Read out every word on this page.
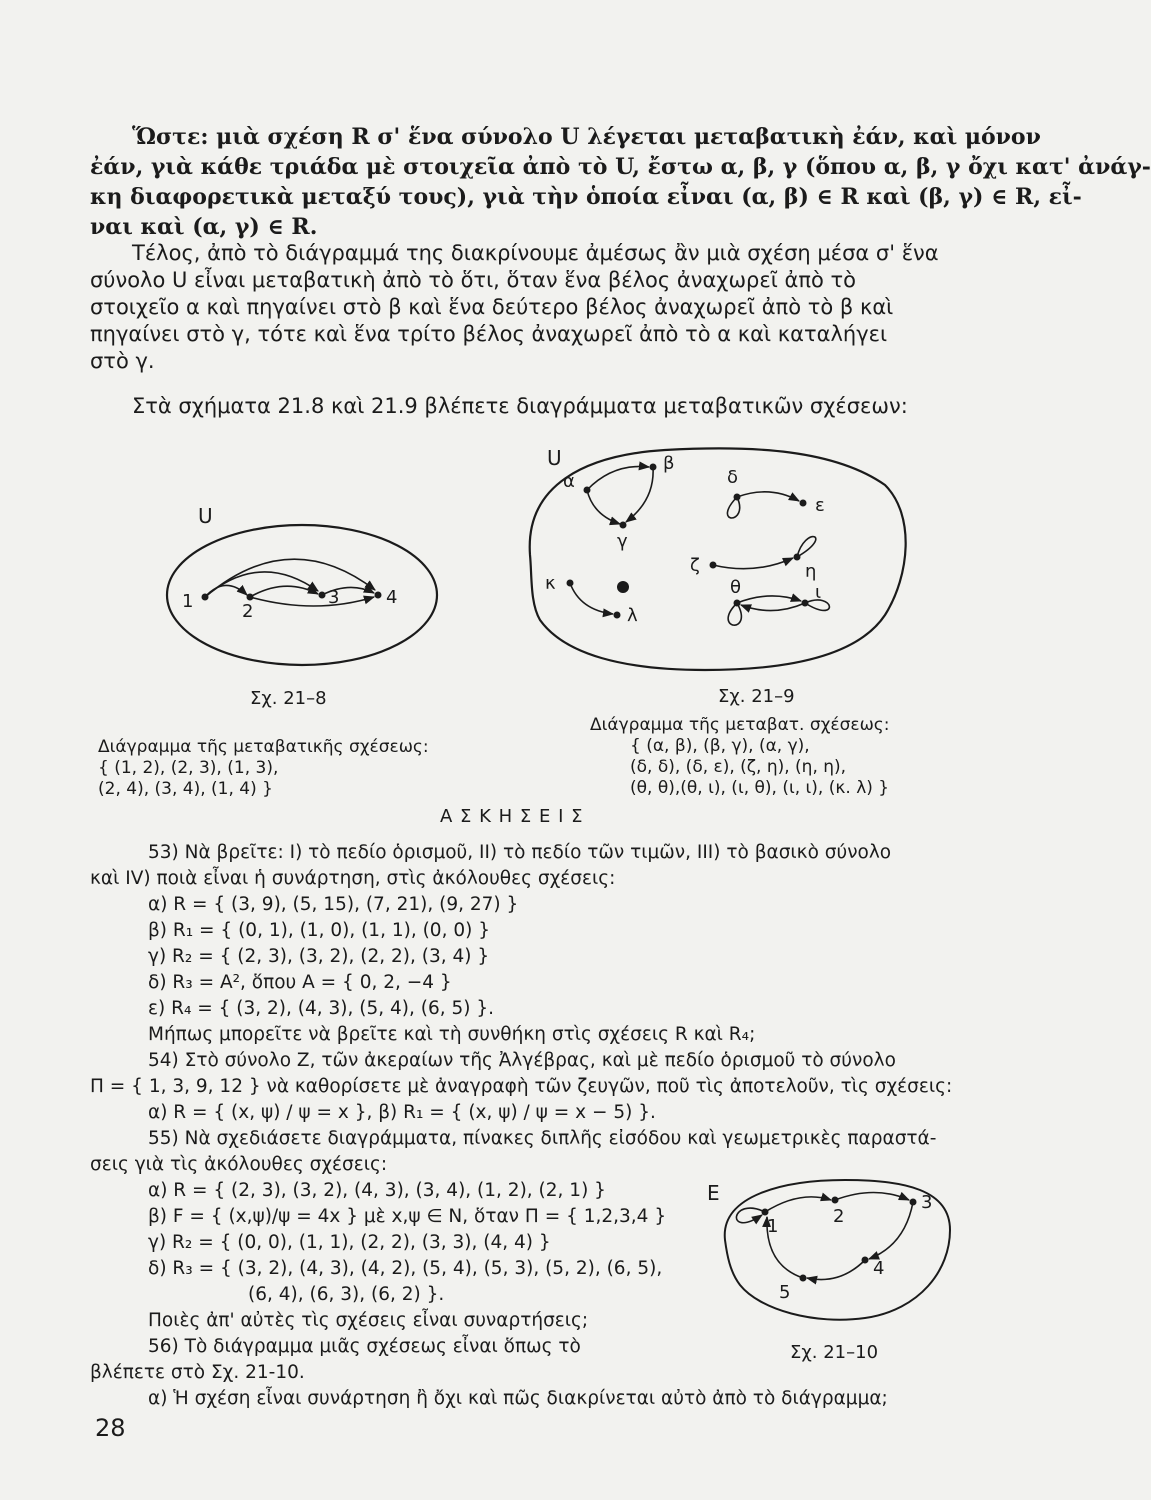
Ὥστε: μιὰ σχέση R σ' ἕνα σύνολο U λέγεται μεταβατικὴ ἐάν, καὶ μόνον
ἐάν, γιὰ κάθε τριάδα μὲ στοιχεῖα ἀπὸ τὸ U, ἔστω α, β, γ (ὅπου α, β, γ ὄχι κατ' ἀνάγ-
κη διαφορετικὰ μεταξύ τους), γιὰ τὴν ὁποία εἶναι (α, β) ∈ R καὶ (β, γ) ∈ R, εἶ-
ναι καὶ (α, γ) ∈ R.
Τέλος, ἀπὸ τὸ διάγραμμά της διακρίνουμε ἀμέσως ἂν μιὰ σχέση μέσα σ' ἕνα
σύνολο U εἶναι μεταβατικὴ ἀπὸ τὸ ὅτι, ὅταν ἕνα βέλος ἀναχωρεῖ ἀπὸ τὸ
στοιχεῖο α καὶ πηγαίνει στὸ β καὶ ἕνα δεύτερο βέλος ἀναχωρεῖ ἀπὸ τὸ β καὶ
πηγαίνει στὸ γ, τότε καὶ ἕνα τρίτο βέλος ἀναχωρεῖ ἀπὸ τὸ α καὶ καταλήγει
στὸ γ.
Στὰ σχήματα 21.8 καὶ 21.9 βλέπετε διαγράμματα μεταβατικῶν σχέσεων:
U
1	2
3	4
Σχ. 21–8
Διάγραμμα τῆς μεταβατικῆς σχέσεως:
{ (1, 2), (2, 3), (1, 3),
(2, 4), (3, 4), (1, 4) }
U
α
β
γ
δ
ε
ζ	η
θ	ι
κ
λ
Σχ. 21–9
Διάγραμμα τῆς μεταβατ. σχέσεως:
{ (α, β), (β, γ), (α, γ),
(δ, δ), (δ, ε), (ζ, η), (η, η),
(θ, θ),(θ, ι), (ι, θ), (ι, ι), (κ. λ) }
Α Σ Κ Η Σ Ε Ι Σ
53) Νὰ βρεῖτε: I) τὸ πεδίο ὁρισμοῦ, II) τὸ πεδίο τῶν τιμῶν, III) τὸ βασικὸ σύνολο
καὶ IV) ποιὰ εἶναι ἡ συνάρτηση, στὶς ἀκόλουθες σχέσεις:
α) R = { (3, 9), (5, 15), (7, 21), (9, 27) }
β) R₁ = { (0, 1), (1, 0), (1, 1), (0, 0) }
γ) R₂ = { (2, 3), (3, 2), (2, 2), (3, 4) }
δ) R₃ = A², ὅπου A = { 0, 2, −4 }
ε) R₄ = { (3, 2), (4, 3), (5, 4), (6, 5) }.
Μήπως μπορεῖτε νὰ βρεῖτε καὶ τὴ συνθήκη στὶς σχέσεις R καὶ R₄;
54) Στὸ σύνολο Z, τῶν ἀκεραίων τῆς Ἀλγέβρας, καὶ μὲ πεδίο ὁρισμοῦ τὸ σύνολο
Π = { 1, 3, 9, 12 } νὰ καθορίσετε μὲ ἀναγραφὴ τῶν ζευγῶν, ποῦ τὶς ἀποτελοῦν, τὶς σχέσεις:
α) R = { (x, ψ) / ψ = x }, β) R₁ = { (x, ψ) / ψ = x − 5) }.
55) Νὰ σχεδιάσετε διαγράμματα, πίνακες διπλῆς εἰσόδου καὶ γεωμετρικὲς παραστά-
σεις γιὰ τὶς ἀκόλουθες σχέσεις:
α) R = { (2, 3), (3, 2), (4, 3), (3, 4), (1, 2), (2, 1) }
β) F = { (x,ψ)/ψ = 4x } μὲ x,ψ ∈ N, ὅταν Π = { 1,2,3,4 }
γ) R₂ = { (0, 0), (1, 1), (2, 2), (3, 3), (4, 4) }
δ) R₃ = { (3, 2), (4, 3), (4, 2), (5, 4), (5, 3), (5, 2), (6, 5),
(6, 4), (6, 3), (6, 2) }.
Ποιὲς ἀπ' αὐτὲς τὶς σχέσεις εἶναι συναρτήσεις;
56) Τὸ διάγραμμα μιᾶς σχέσεως εἶναι ὅπως τὸ
βλέπετε στὸ Σχ. 21-10.
α) Ἡ σχέση εἶναι συνάρτηση ἢ ὄχι καὶ πῶς διακρίνεται αὐτὸ ἀπὸ τὸ διάγραμμα;
E
1	2
3
4
5
Σχ. 21–10
28
